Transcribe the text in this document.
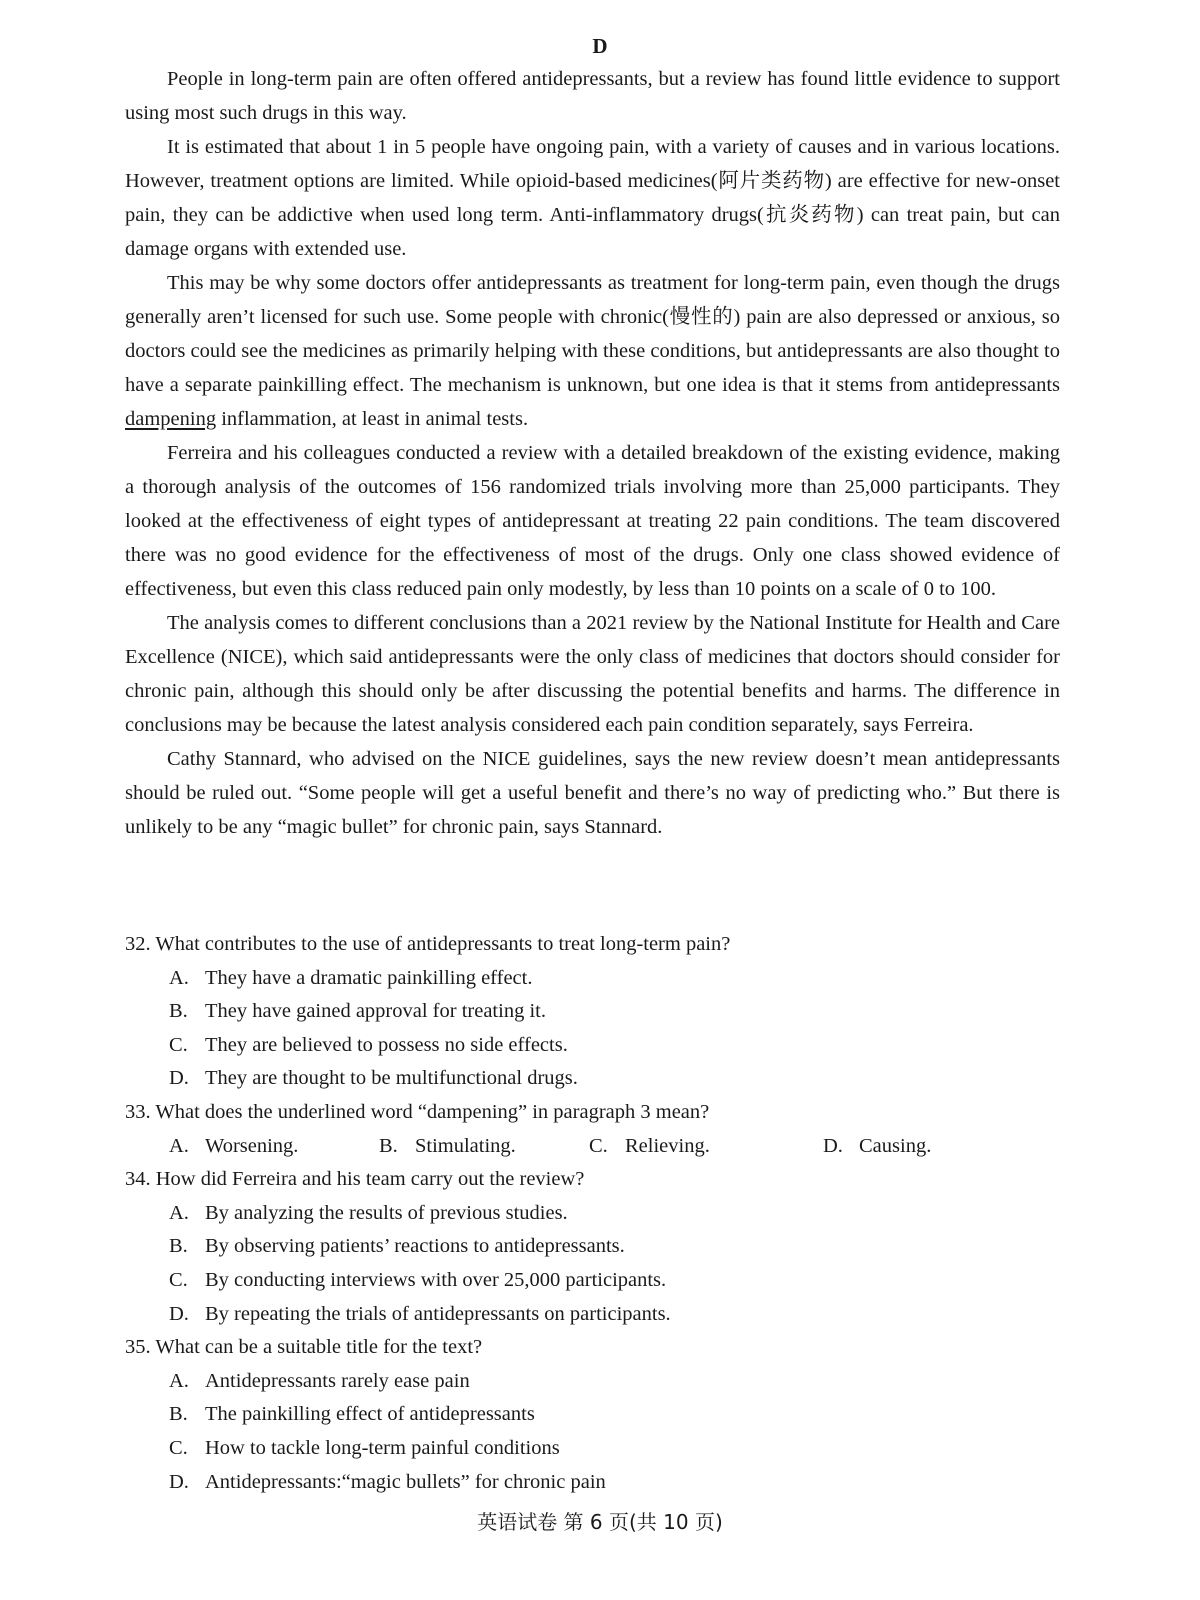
D

People in long-term pain are often offered antidepressants, but a review has found little evidence to support using most such drugs in this way.

It is estimated that about 1 in 5 people have ongoing pain, with a variety of causes and in various locations. However, treatment options are limited. While opioid-based medicines(阿片类药物) are effective for new-onset pain, they can be addictive when used long term. Anti-inflammatory drugs(抗炎药物) can treat pain, but can damage organs with extended use.

This may be why some doctors offer antidepressants as treatment for long-term pain, even though the drugs generally aren’t licensed for such use. Some people with chronic(慢性的) pain are also depressed or anxious, so doctors could see the medicines as primarily helping with these conditions, but antidepressants are also thought to have a separate painkilling effect. The mechanism is unknown, but one idea is that it stems from antidepressants dampening inflammation, at least in animal tests.

Ferreira and his colleagues conducted a review with a detailed breakdown of the existing evidence, making a thorough analysis of the outcomes of 156 randomized trials involving more than 25,000 participants. They looked at the effectiveness of eight types of antidepressant at treating 22 pain conditions. The team discovered there was no good evidence for the effectiveness of most of the drugs. Only one class showed evidence of effectiveness, but even this class reduced pain only modestly, by less than 10 points on a scale of 0 to 100.

The analysis comes to different conclusions than a 2021 review by the National Institute for Health and Care Excellence (NICE), which said antidepressants were the only class of medicines that doctors should consider for chronic pain, although this should only be after discussing the potential benefits and harms. The difference in conclusions may be because the latest analysis considered each pain condition separately, says Ferreira.

Cathy Stannard, who advised on the NICE guidelines, says the new review doesn’t mean antidepressants should be ruled out. “Some people will get a useful benefit and there’s no way of predicting who.” But there is unlikely to be any “magic bullet” for chronic pain, says Stannard.

32. What contributes to the use of antidepressants to treat long-term pain?

A. They have a dramatic painkilling effect.

B. They have gained approval for treating it.

C. They are believed to possess no side effects.

D. They are thought to be multifunctional drugs.

33. What does the underlined word “dampening” in paragraph 3 mean?

A. Worsening.	B. Stimulating.	C. Relieving.	D. Causing.

34. How did Ferreira and his team carry out the review?

A. By analyzing the results of previous studies.

B. By observing patients’ reactions to antidepressants.

C. By conducting interviews with over 25,000 participants.

D. By repeating the trials of antidepressants on participants.

35. What can be a suitable title for the text?

A. Antidepressants rarely ease pain

B. The painkilling effect of antidepressants

C. How to tackle long-term painful conditions

D. Antidepressants:“magic bullets” for chronic pain

英语试卷 第 6 页(共 10 页)
